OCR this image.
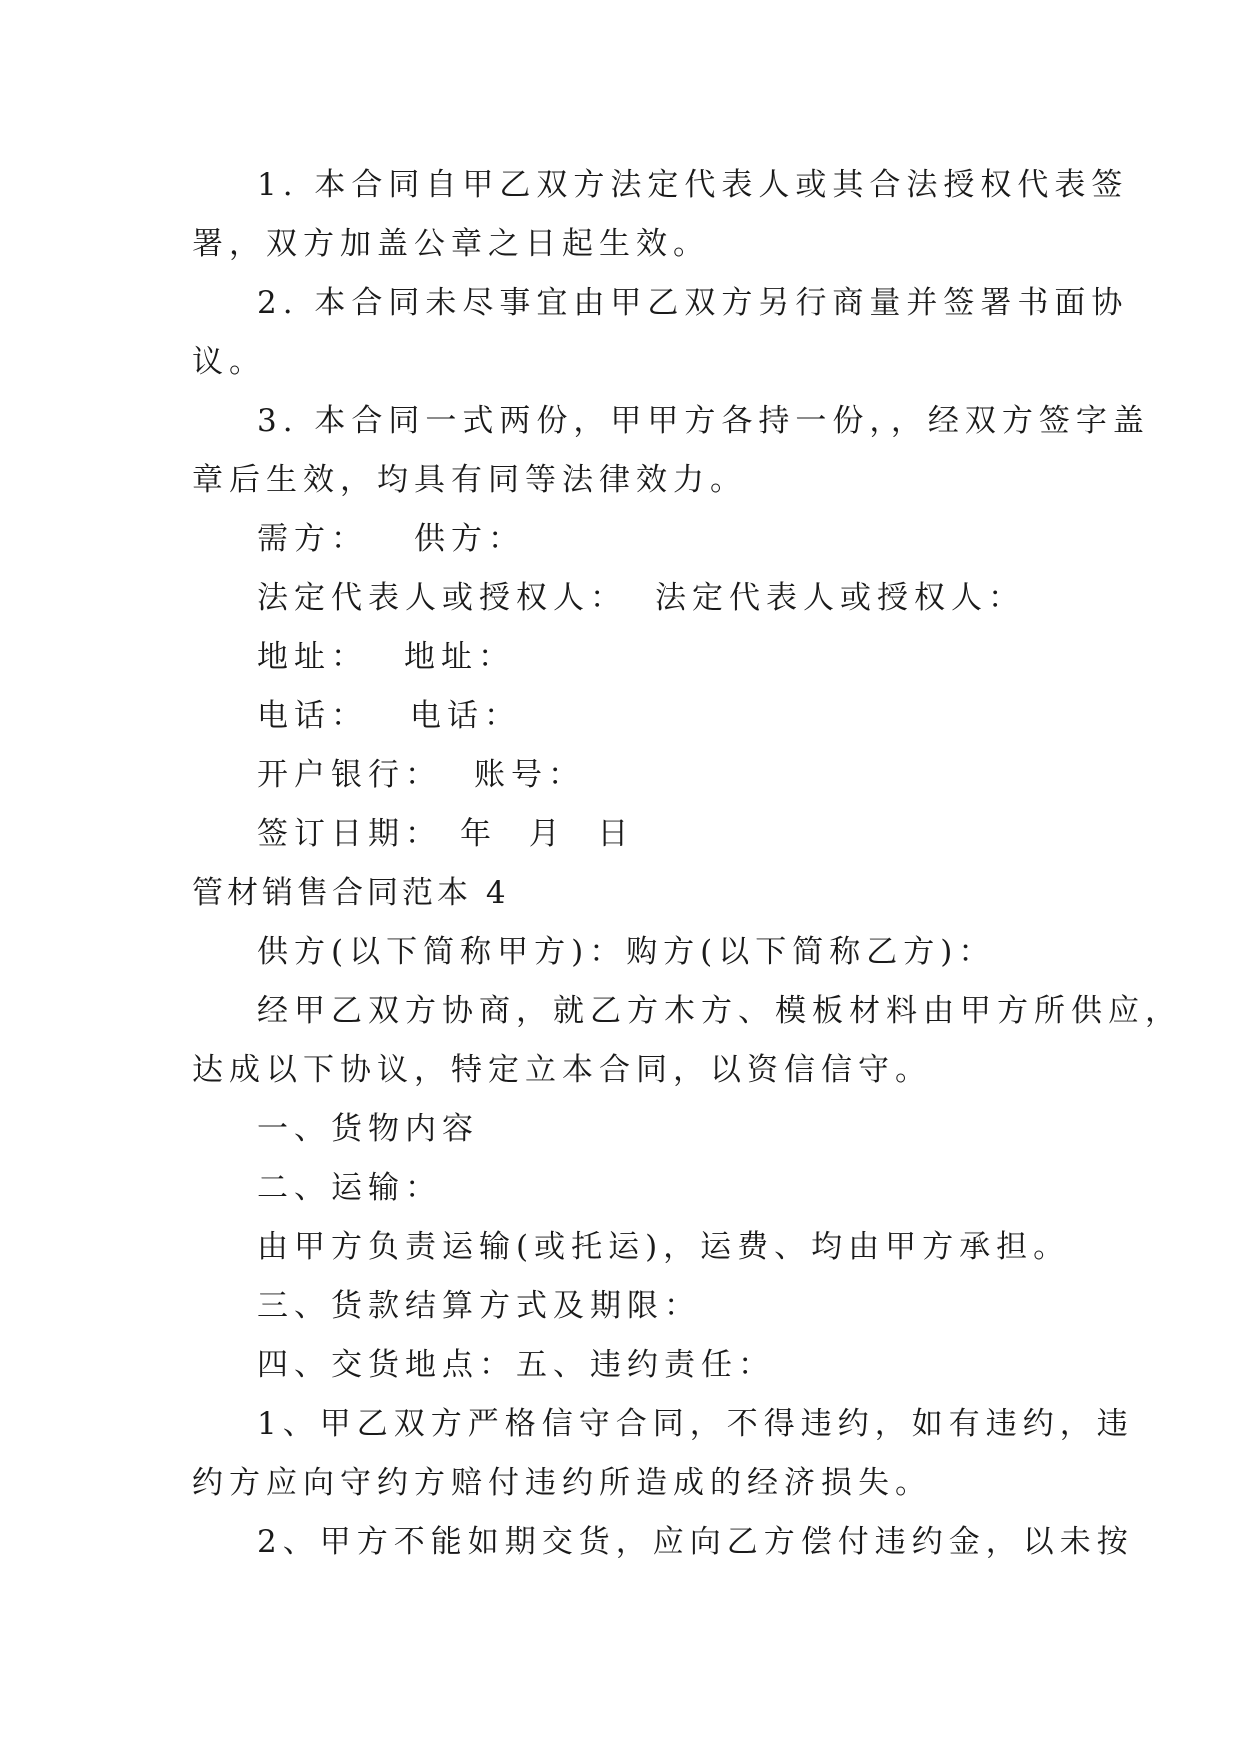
1. 本合同自甲乙双方法定代表人或其合法授权代表签
署，双方加盖公章之日起生效。
2. 本合同未尽事宜由甲乙双方另行商量并签署书面协
议。
3. 本合同一式两份，甲甲方各持一份，，经双方签字盖
章后生效，均具有同等法律效力。
需方： 供方：
法定代表人或授权人： 法定代表人或授权人：
地址： 地址：
电话： 电话：
开户银行： 账号：
签订日期： 年  月  日
管材销售合同范本 4
供方(以下简称甲方)：购方(以下简称乙方)：
经甲乙双方协商，就乙方木方、模板材料由甲方所供应，
达成以下协议，特定立本合同，以资信信守。
一、货物内容
二、运输：
由甲方负责运输(或托运)，运费、均由甲方承担。
三、货款结算方式及期限：
四、交货地点：五、违约责任：
1、甲乙双方严格信守合同，不得违约，如有违约，违
约方应向守约方赔付违约所造成的经济损失。
2、甲方不能如期交货，应向乙方偿付违约金，以未按
